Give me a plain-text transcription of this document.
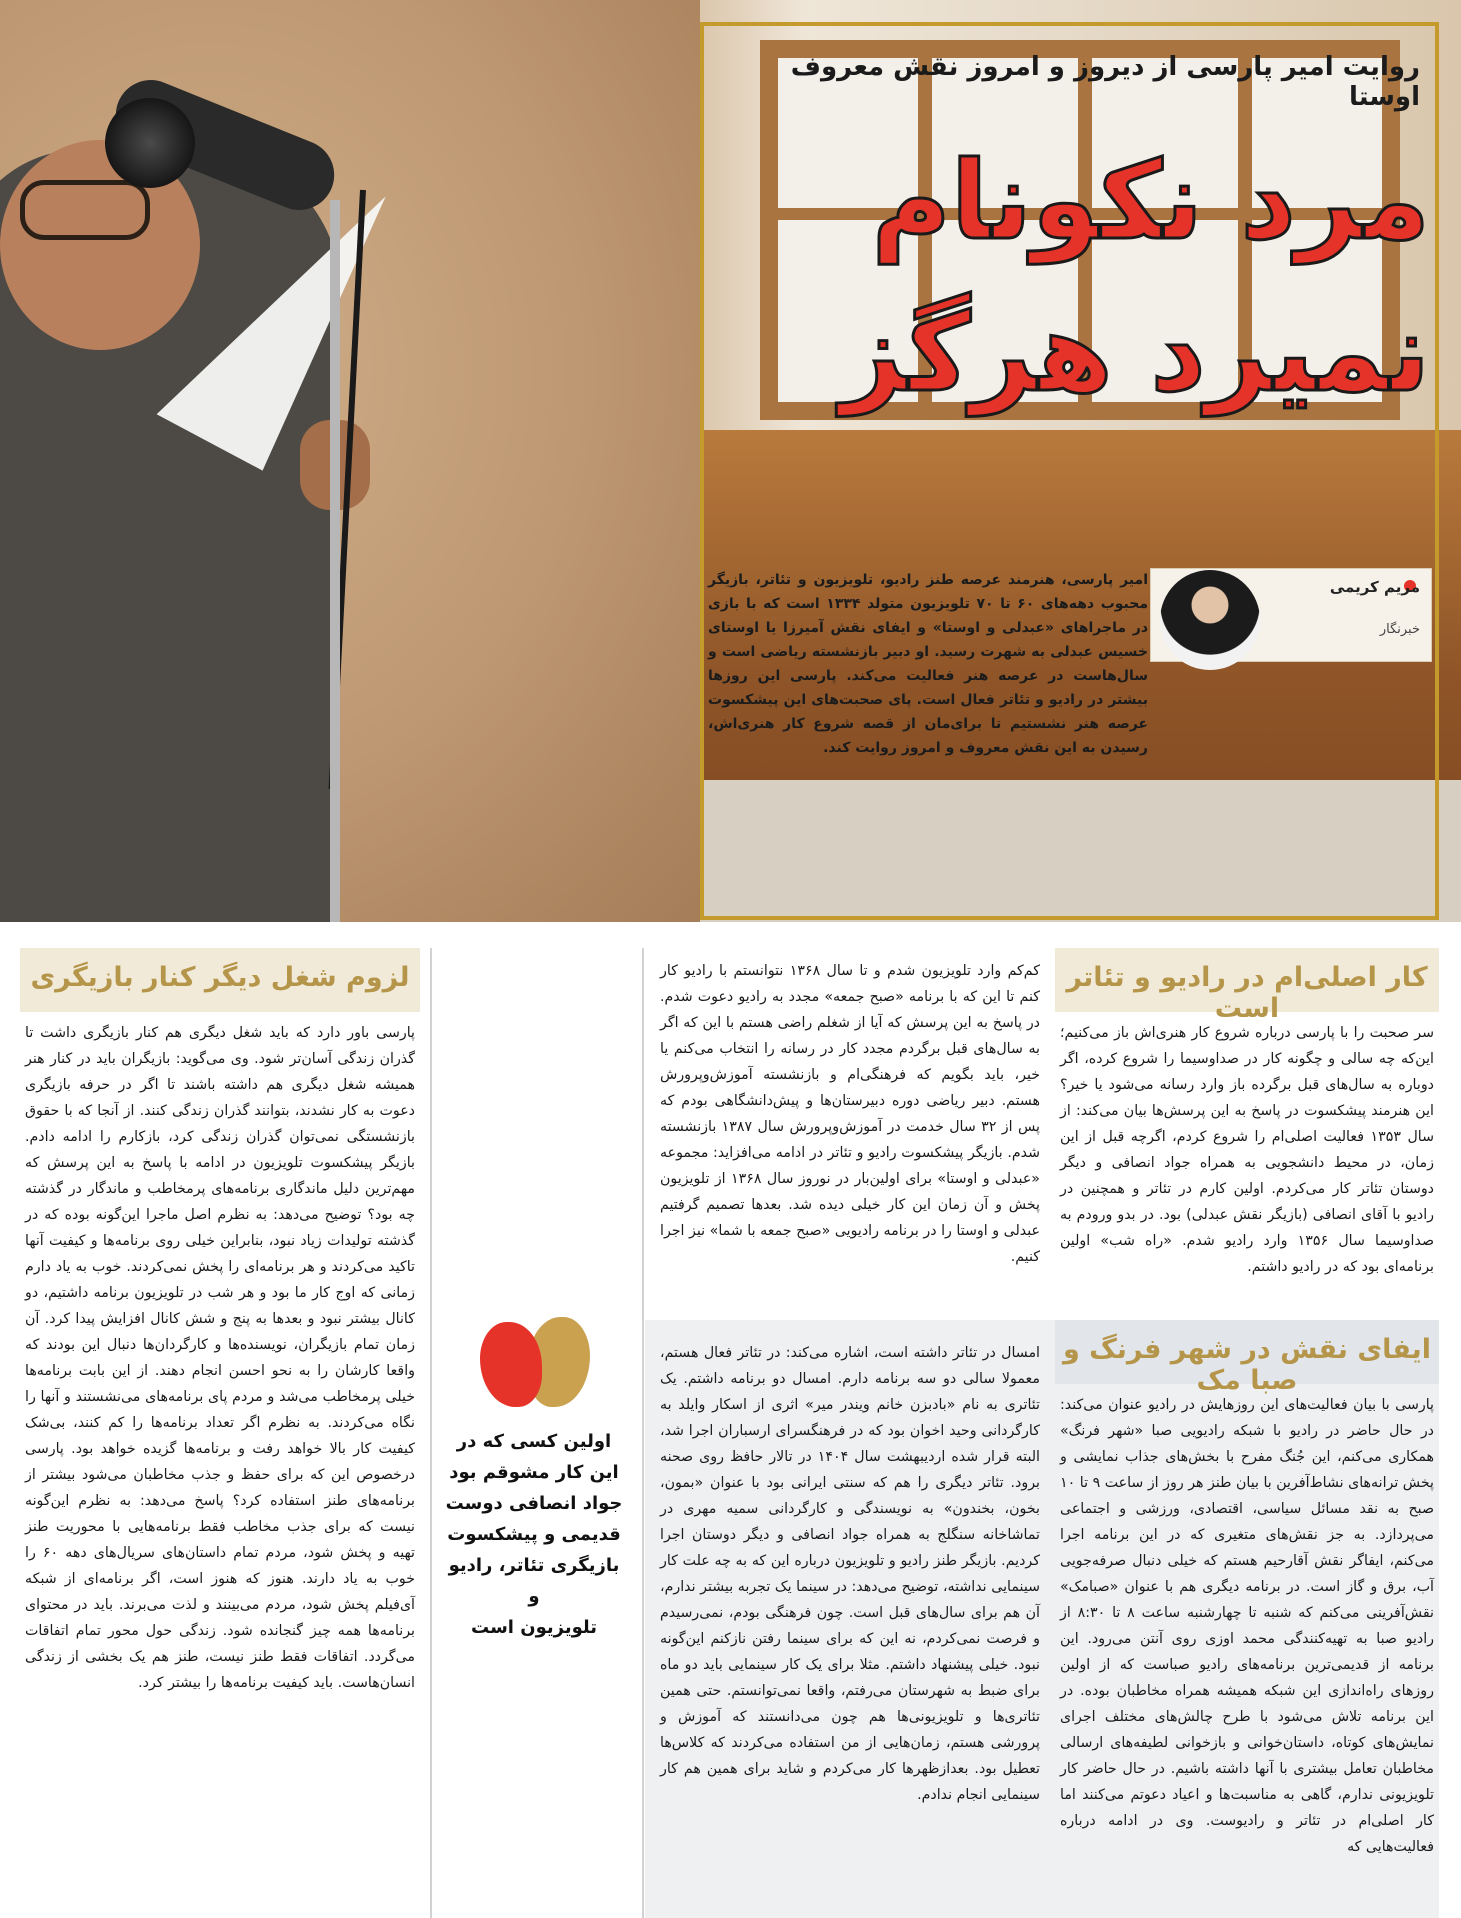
روایت امیر پارسی از دیروز و امروز نقش معروف اوستا
مرد نکونام
نمیرد هرگز
مریم کریمی
خبرنگار
امیر پارسی، هنرمند عرصه طنز رادیو، تلویزیون و تئاتر، بازیگر محبوب دهه‌های ۶۰ تا ۷۰ تلویزیون متولد ۱۳۳۴ است که با بازی در ماجراهای «عبدلی و اوستا» و ایفای نقش آمیرزا یا اوستای خسیس عبدلی به شهرت رسید. او دبیر بازنشسته ریاضی است و سال‌هاست در عرصه هنر فعالیت می‌کند. پارسی این روزها بیشتر در رادیو و تئاتر فعال است. پای صحبت‌های این پیشکسوت عرصه هنر نشستیم تا برای‌مان از قصه شروع کار هنری‌اش، رسیدن به این نقش معروف و امروز روایت کند.
کار اصلی‌ام در رادیو و تئاتر است
سر صحبت را با پارسی درباره شروع کار هنری‌اش باز می‌کنیم؛ این‌که چه سالی و چگونه کار در صداوسیما را شروع کرده، اگر دوباره به سال‌های قبل برگرده باز وارد رسانه می‌شود یا خیر؟ این هنرمند پیشکسوت در پاسخ به این پرسش‌ها بیان می‌کند: از سال ۱۳۵۳ فعالیت اصلی‌ام را شروع کردم، اگرچه قبل از این زمان، در محیط دانشجویی به همراه جواد انصافی و دیگر دوستان تئاتر کار می‌کردم. اولین کارم در تئاتر و همچنین در رادیو با آقای انصافی (بازیگر نقش عبدلی) بود. در بدو ورودم به صداوسیما سال ۱۳۵۶ وارد رادیو شدم. «راه شب» اولین برنامه‌ای بود که در رادیو داشتم.
کم‌کم وارد تلویزیون شدم و تا سال ۱۳۶۸ نتوانستم با رادیو کار کنم تا این که با برنامه «صبح جمعه» مجدد به رادیو دعوت شدم. در پاسخ به این پرسش که آیا از شغلم راضی هستم با این که اگر به سال‌های قبل برگردم مجدد کار در رسانه را انتخاب می‌کنم یا خیر، باید بگویم که فرهنگی‌ام و بازنشسته آموزش‌وپرورش هستم. دبیر ریاضی دوره دبیرستان‌ها و پیش‌دانشگاهی بودم که پس از ۳۲ سال خدمت در آموزش‌وپرورش سال ۱۳۸۷ بازنشسته شدم. بازیگر پیشکسوت رادیو و تئاتر در ادامه می‌افزاید: مجموعه «عبدلی و اوستا» برای اولین‌بار در نوروز سال ۱۳۶۸ از تلویزیون پخش و آن زمان این کار خیلی دیده شد. بعدها تصمیم گرفتیم عبدلی و اوستا را در برنامه رادیویی «صبح جمعه با شما» نیز اجرا کنیم.
ایفای نقش در شهر فرنگ و صبا مک
پارسی با بیان فعالیت‌های این روزهایش در رادیو عنوان می‌کند: در حال حاضر در رادیو با شبکه رادیویی صبا «شهر فرنگ» همکاری می‌کنم، این جُنگ مفرح با بخش‌های جذاب نمایشی و پخش ترانه‌های نشاط‌آفرین با بیان طنز هر روز از ساعت ۹ تا ۱۰ صبح به نقد مسائل سیاسی، اقتصادی، ورزشی و اجتماعی می‌پردازد. به جز نقش‌های متغیری که در این برنامه اجرا می‌کنم، ایفاگر نقش آقارحیم هستم که خیلی دنبال صرفه‌جویی آب، برق و گاز است. در برنامه دیگری هم با عنوان «صبامک» نقش‌آفرینی می‌کنم که شنبه تا چهارشنبه ساعت ۸ تا ۸:۳۰ از رادیو صبا به تهیه‌کنندگی محمد اوزی روی آنتن می‌رود. این برنامه از قدیمی‌ترین برنامه‌های رادیو صباست که از اولین روزهای راه‌اندازی این شبکه همیشه همراه مخاطبان بوده. در این برنامه تلاش می‌شود با طرح چالش‌های مختلف اجرای نمایش‌های کوتاه، داستان‌خوانی و بازخوانی لطیفه‌های ارسالی مخاطبان تعامل بیشتری با آنها داشته باشیم. در حال حاضر کار تلویزیونی ندارم، گاهی به مناسبت‌ها و اعیاد دعوتم می‌کنند اما کار اصلی‌ام در تئاتر و رادیوست. وی در ادامه درباره فعالیت‌هایی که
امسال در تئاتر داشته است، اشاره می‌کند: در تئاتر فعال هستم، معمولا سالی دو سه برنامه دارم. امسال دو برنامه داشتم. یک تئاتری به نام «بادبزن خانم ویندر میر» اثری از اسکار وایلد به کارگردانی وحید اخوان بود که در فرهنگسرای ارسباران اجرا شد، البته قرار شده اردیبهشت سال ۱۴۰۴ در تالار حافظ روی صحنه برود. تئاتر دیگری را هم که سنتی ایرانی بود با عنوان «بمون، بخون، بخندون» به نویسندگی و کارگردانی سمیه مهری در تماشاخانه سنگلج به همراه جواد انصافی و دیگر دوستان اجرا کردیم. بازیگر طنز رادیو و تلویزیون درباره این که به چه علت کار سینمایی نداشته، توضیح می‌دهد: در سینما یک تجربه بیشتر ندارم، آن هم برای سال‌های قبل است. چون فرهنگی بودم، نمی‌رسیدم و فرصت نمی‌کردم، نه این که برای سینما رفتن نازکنم این‌گونه نبود. خیلی پیشنهاد داشتم. مثلا برای یک کار سینمایی باید دو ماه برای ضبط به شهرستان می‌رفتم، واقعا نمی‌توانستم. حتی همین تئاتری‌ها و تلویزیونی‌ها هم چون می‌دانستند که آموزش و پرورشی هستم، زمان‌هایی از من استفاده می‌کردند که کلاس‌ها تعطیل بود. بعدازظهرها کار می‌کردم و شاید برای همین هم کار سینمایی انجام ندادم.
لزوم شغل دیگر کنار بازیگری
پارسی باور دارد که باید شغل دیگری هم کنار بازیگری داشت تا گذران زندگی آسان‌تر شود. وی می‌گوید: بازیگران باید در کنار هنر همیشه شغل دیگری هم داشته باشند تا اگر در حرفه بازیگری دعوت به کار نشدند، بتوانند گذران زندگی کنند. از آنجا که با حقوق بازنشستگی نمی‌توان گذران زندگی کرد، بازکارم را ادامه دادم. بازیگر پیشکسوت تلویزیون در ادامه با پاسخ به این پرسش که مهم‌ترین دلیل ماندگاری برنامه‌های پرمخاطب و ماندگار در گذشته چه بود؟ توضیح می‌دهد: به نظرم اصل ماجرا این‌گونه بوده که در گذشته تولیدات زیاد نبود، بنابراین خیلی روی برنامه‌ها و کیفیت آنها تاکید می‌کردند و هر برنامه‌ای را پخش نمی‌کردند. خوب به یاد دارم زمانی که اوج کار ما بود و هر شب در تلویزیون برنامه داشتیم، دو کانال بیشتر نبود و بعدها به پنج و شش کانال افزایش پیدا کرد. آن زمان تمام بازیگران، نویسنده‌ها و کارگردان‌ها دنبال این بودند که واقعا کارشان را به نحو احسن انجام دهند. از این بابت برنامه‌ها خیلی پرمخاطب می‌شد و مردم پای برنامه‌های می‌نشستند و آنها را نگاه می‌کردند. به نظرم اگر تعداد برنامه‌ها را کم کنند، بی‌شک کیفیت کار بالا خواهد رفت و برنامه‌ها گزیده خواهد بود. پارسی درخصوص این که برای حفظ و جذب مخاطبان می‌شود بیشتر از برنامه‌های طنز استفاده کرد؟ پاسخ می‌دهد: به نظرم این‌گونه نیست که برای جذب مخاطب فقط برنامه‌هایی با محوریت طنز تهیه و پخش شود، مردم تمام داستان‌های سریال‌های دهه ۶۰ را خوب به یاد دارند. هنوز که هنوز است، اگر برنامه‌ای از شبکه آی‌فیلم پخش شود، مردم می‌بینند و لذت می‌برند. باید در محتوای برنامه‌ها همه چیز گنجانده شود. زندگی حول محور تمام اتفاقات می‌گردد. اتفاقات فقط طنز نیست، طنز هم یک بخشی از زندگی انسان‌هاست. باید کیفیت برنامه‌ها را بیشتر کرد.
اولین کسی که در
این کار مشوقم بود
جواد انصافی دوست
قدیمی و پیشکسوت
بازیگری تئاتر، رادیو و
تلویزیون است
